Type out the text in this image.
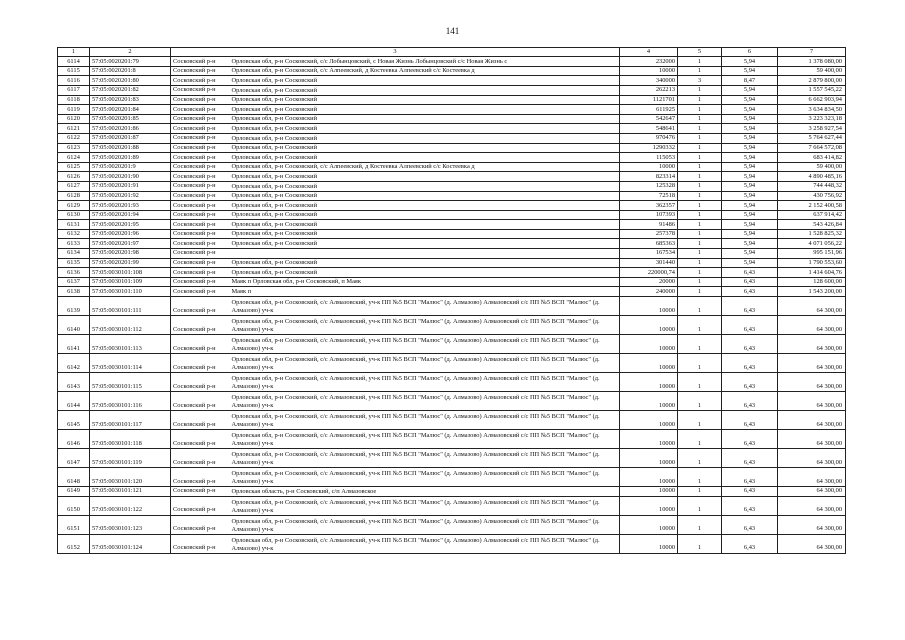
141
1	2	3		4	5	6	7
6114	57:05:0020201:79	Сосковский р-н	Орловская обл, р-н Сосковский, с/с Лобынцовский, с Новая Жизнь Лобынцовский с/с Новая Жизнь с	232000	1	5,94	1 378 080,00
6115	57:05:0020201:8	Сосковский р-н	Орловская обл, р-н Сосковский, с/с Алпеевский, д Костеевка Алпеевский с/с Костеевка д	10000	1	5,94	59 400,00
6116	57:05:0020201:80	Сосковский р-н	Орловская обл, р-н Сосковский	340000	3	8,47	2 879 800,00
6117	57:05:0020201:82	Сосковский р-н	Орловская обл, р-н Сосковский	262213	1	5,94	1 557 545,22
6118	57:05:0020201:83	Сосковский р-н	Орловская обл, р-н Сосковский	1121701	1	5,94	6 662 903,94
6119	57:05:0020201:84	Сосковский р-н	Орловская обл, р-н Сосковский	611925	1	5,94	3 634 834,50
6120	57:05:0020201:85	Сосковский р-н	Орловская обл, р-н Сосковский	542647	1	5,94	3 223 323,18
6121	57:05:0020201:86	Сосковский р-н	Орловская обл, р-н Сосковский	548641	1	5,94	3 258 927,54
6122	57:05:0020201:87	Сосковский р-н	Орловская обл, р-н Сосковский	970476	1	5,94	5 764 627,44
6123	57:05:0020201:88	Сосковский р-н	Орловская обл, р-н Сосковский	1290332	1	5,94	7 664 572,08
6124	57:05:0020201:89	Сосковский р-н	Орловская обл, р-н Сосковский	115053	1	5,94	683 414,82
6125	57:05:0020201:9	Сосковский р-н	Орловская обл, р-н Сосковский, с/с Алпеевский, д Костеевка Алпеевский с/с Костеевка д	10000	1	5,94	59 400,00
6126	57:05:0020201:90	Сосковский р-н	Орловская обл, р-н Сосковский	823314	1	5,94	4 890 485,16
6127	57:05:0020201:91	Сосковский р-н	Орловская обл, р-н Сосковский	125328	1	5,94	744 448,32
6128	57:05:0020201:92	Сосковский р-н	Орловская обл, р-н Сосковский	72518	1	5,94	430 756,92
6129	57:05:0020201:93	Сосковский р-н	Орловская обл, р-н Сосковский	362357	1	5,94	2 152 400,58
6130	57:05:0020201:94	Сосковский р-н	Орловская обл, р-н Сосковский	107393	1	5,94	637 914,42
6131	57:05:0020201:95	Сосковский р-н	Орловская обл, р-н Сосковский	91486	1	5,94	543 426,84
6132	57:05:0020201:96	Сосковский р-н	Орловская обл, р-н Сосковский	257378	1	5,94	1 528 825,32
6133	57:05:0020201:97	Сосковский р-н	Орловская обл, р-н Сосковский	685363	1	5,94	4 071 056,22
6134	57:05:0020201:98	Сосковский р-н		167534	1	5,94	995 151,96
6135	57:05:0020201:99	Сосковский р-н	Орловская обл, р-н Сосковский	301440	1	5,94	1 790 553,60
6136	57:05:0030101:108	Сосковский р-н	Орловская обл, р-н Сосковский	220000,74	1	6,43	1 414 604,76
6137	57:05:0030101:109	Сосковский р-н	Маяк п Орловская обл, р-н Сосковский, п Маяк	20000	1	6,43	128 600,00
6138	57:05:0030101:110	Сосковский р-н	Маяк п	240000	1	6,43	1 543 200,00
6139	57:05:0030101:111	Сосковский р-н	Орловская обл, р-н Сосковский, с/с Алмазовский, уч-к ПП №5 ВСП "Малюс" (д. Алмазово) Алмазовский с/с ПП №5 ВСП "Малюс" (д. Алмазово) уч-к	10000	1	6,43	64 300,00
6140	57:05:0030101:112	Сосковский р-н	Орловская обл, р-н Сосковский, с/с Алмазовский, уч-к ПП №5 ВСП "Малюс" (д. Алмазово) Алмазовский с/с ПП №5 ВСП "Малюс" (д. Алмазово) уч-к	10000	1	6,43	64 300,00
6141	57:05:0030101:113	Сосковский р-н	Орловская обл, р-н Сосковский, с/с Алмазовский, уч-к ПП №5 ВСП "Малюс" (д. Алмазово) Алмазовский с/с ПП №5 ВСП "Малюс" (д. Алмазово) уч-к	10000	1	6,43	64 300,00
6142	57:05:0030101:114	Сосковский р-н	Орловская обл, р-н Сосковский, с/с Алмазовский, уч-к ПП №5 ВСП "Малюс" (д. Алмазово) Алмазовский с/с ПП №5 ВСП "Малюс" (д. Алмазово) уч-к	10000	1	6,43	64 300,00
6143	57:05:0030101:115	Сосковский р-н	Орловская обл, р-н Сосковский, с/с Алмазовский, уч-к ПП №5 ВСП "Малюс" (д. Алмазово) Алмазовский с/с ПП №5 ВСП "Малюс" (д. Алмазово) уч-к	10000	1	6,43	64 300,00
6144	57:05:0030101:116	Сосковский р-н	Орловская обл, р-н Сосковский, с/с Алмазовский, уч-к ПП №5 ВСП "Малюс" (д. Алмазово) Алмазовский с/с ПП №5 ВСП "Малюс" (д. Алмазово) уч-к	10000	1	6,43	64 300,00
6145	57:05:0030101:117	Сосковский р-н	Орловская обл, р-н Сосковский, с/с Алмазовский, уч-к ПП №5 ВСП "Малюс" (д. Алмазово) Алмазовский с/с ПП №5 ВСП "Малюс" (д. Алмазово) уч-к	10000	1	6,43	64 300,00
6146	57:05:0030101:118	Сосковский р-н	Орловская обл, р-н Сосковский, с/с Алмазовский, уч-к ПП №5 ВСП "Малюс" (д. Алмазово) Алмазовский с/с ПП №5 ВСП "Малюс" (д. Алмазово) уч-к	10000	1	6,43	64 300,00
6147	57:05:0030101:119	Сосковский р-н	Орловская обл, р-н Сосковский, с/с Алмазовский, уч-к ПП №5 ВСП "Малюс" (д. Алмазово) Алмазовский с/с ПП №5 ВСП "Малюс" (д. Алмазово) уч-к	10000	1	6,43	64 300,00
6148	57:05:0030101:120	Сосковский р-н	Орловская обл, р-н Сосковский, с/с Алмазовский, уч-к ПП №5 ВСП "Малюс" (д. Алмазово) Алмазовский с/с ПП №5 ВСП "Малюс" (д. Алмазово) уч-к	10000	1	6,43	64 300,00
6149	57:05:0030101:121	Сосковский р-н	Орловская область, р-н Сосковский, с/п Алмазовское	10000	1	6,43	64 300,00
6150	57:05:0030101:122	Сосковский р-н	Орловская обл, р-н Сосковский, с/с Алмазовский, уч-к ПП №5 ВСП "Малюс" (д. Алмазово) Алмазовский с/с ПП №5 ВСП "Малюс" (д. Алмазово) уч-к	10000	1	6,43	64 300,00
6151	57:05:0030101:123	Сосковский р-н	Орловская обл, р-н Сосковский, с/с Алмазовский, уч-к ПП №5 ВСП "Малюс" (д. Алмазово) Алмазовский с/с ПП №5 ВСП "Малюс" (д. Алмазово) уч-к	10000	1	6,43	64 300,00
6152	57:05:0030101:124	Сосковский р-н	Орловская обл, р-н Сосковский, с/с Алмазовский, уч-к ПП №5 ВСП "Малюс" (д. Алмазово) Алмазовский с/с ПП №5 ВСП "Малюс" (д. Алмазово) уч-к	10000	1	6,43	64 300,00
